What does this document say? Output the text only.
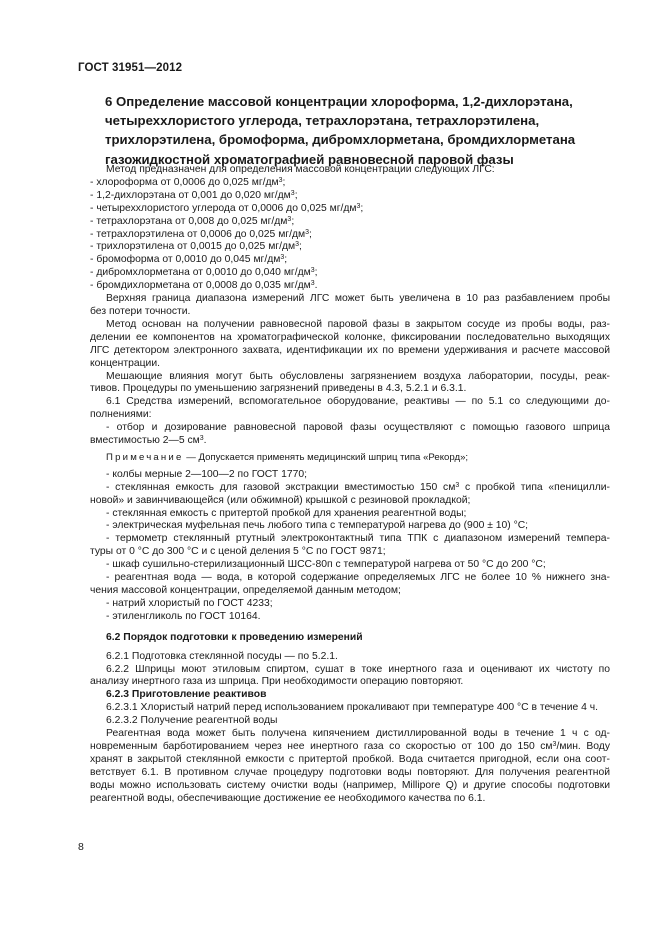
ГОСТ 31951—2012
6 Определение массовой концентрации хлороформа, 1,2-дихлорэтана,
четыреххлористого углерода, тетрахлорэтана, тетрахлорэтилена,
трихлорэтилена, бромоформа, дибромхлорметана, бромдихлорметана
газожидкостной хроматографией равновесной паровой фазы

Метод предназначен для определения массовой концентрации следующих ЛГС:

- хлороформа от 0,0006 до 0,025 $мг/дм^3$;

- 1,2-дихлорэтана от 0,001 до 0,020 $мг/дм^3$;

- четыреххлористого углерода от 0,0006 до 0,025 $мг/дм^3$;

- тетрахлорэтана от 0,008 до 0,025 $мг/дм^3$;

- тетрахлорэтилена от 0,0006 до 0,025 $мг/дм^3$;

- трихлорэтилена от 0,0015 до 0,025 $мг/дм^3$;

- бромоформа от 0,0010 до 0,045 $мг/дм^3$;

- дибромхлорметана от 0,0010 до 0,040 $мг/дм^3$;

- бромдихлорметана от 0,0008 до 0,035 $мг/дм^3$.

Верхняя граница диапазона измерений ЛГС может быть увеличена в 10 раз разбавлением пробы

без потери точности.

Метод основан на получении равновесной паровой фазы в закрытом сосуде из пробы воды, раз-

делении ее компонентов на хроматографической колонке, фиксировании последовательно выходящих

ЛГС детектором электронного захвата, идентификации их по времени удерживания и расчете массовой

концентрации.

Мешающие влияния могут быть обусловлены загрязнением воздуха лаборатории, посуды, реак-

тивов. Процедуры по уменьшению загрязнений приведены в 4.3, 5.2.1 и 6.3.1.

6.1 Средства измерений, вспомогательное оборудование, реактивы — по 5.1 со следующими до-

полнениями:

- отбор и дозирование равновесной паровой фазы осуществляют с помощью газового шприца

вместимостью 2—5 $см^3$.

Примечание — Допускается применять медицинский шприц типа «Рекорд»;

- колбы мерные 2—100—2 по ГОСТ 1770;

- стеклянная емкость для газовой экстракции вместимостью 150 $см^3$ с пробкой типа «пеницилли-

новой» и завинчивающейся (или обжимной) крышкой с резиновой прокладкой;

- стеклянная емкость с притертой пробкой для хранения реагентной воды;

- электрическая муфельная печь любого типа с температурой нагрева до (900 ± 10) °С;

- термометр стеклянный ртутный электроконтактный типа ТПК с диапазоном измерений темпера-

туры от 0 °С до 300 °С и с ценой деления 5 °С по ГОСТ 9871;

- шкаф сушильно-стерилизационный ШСС-80п с температурой нагрева от 50 °С до 200 °С;

- реагентная вода — вода, в которой содержание определяемых ЛГС не более 10 % нижнего зна-

чения массовой концентрации, определяемой данным методом;

- натрий хлористый по ГОСТ 4233;

- этиленгликоль по ГОСТ 10164.

6.2 Порядок подготовки к проведению измерений

6.2.1 Подготовка стеклянной посуды — по 5.2.1.

6.2.2 Шприцы моют этиловым спиртом, сушат в токе инертного газа и оценивают их чистоту по

анализу инертного газа из шприца. При необходимости операцию повторяют.

6.2.3 Приготовление реактивов

6.2.3.1 Хлористый натрий перед использованием прокаливают при температуре 400 °С в течение 4 ч.

6.2.3.2 Получение реагентной воды

Реагентная вода может быть получена кипячением дистиллированной воды в течение 1 ч с од-

новременным барботированием через нее инертного газа со скоростью от 100 до 150 $см^3$/мин. Воду

хранят в закрытой стеклянной емкости с притертой пробкой. Вода считается пригодной, если она соот-

ветствует 6.1. В противном случае процедуру подготовки воды повторяют. Для получения реагентной

воды можно использовать систему очистки воды (например, Millipore Q) и другие способы подготовки

реагентной воды, обеспечивающие достижение ее необходимого качества по 6.1.

8
